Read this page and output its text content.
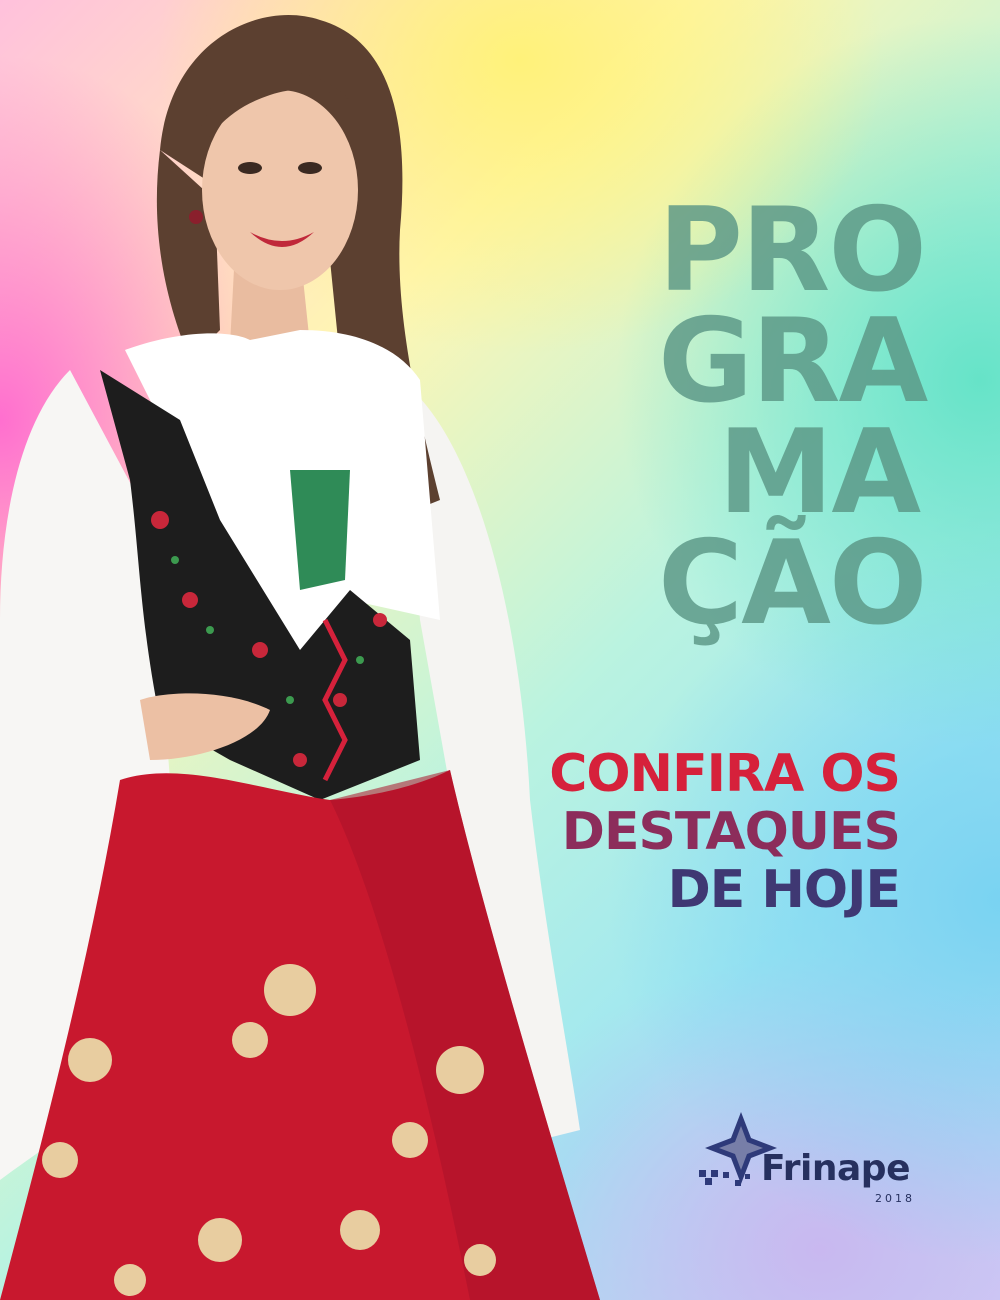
PRO
GRA
MA
ÇÃO
CONFIRA OS
DESTAQUES
DE HOJE
Frinape
2018
